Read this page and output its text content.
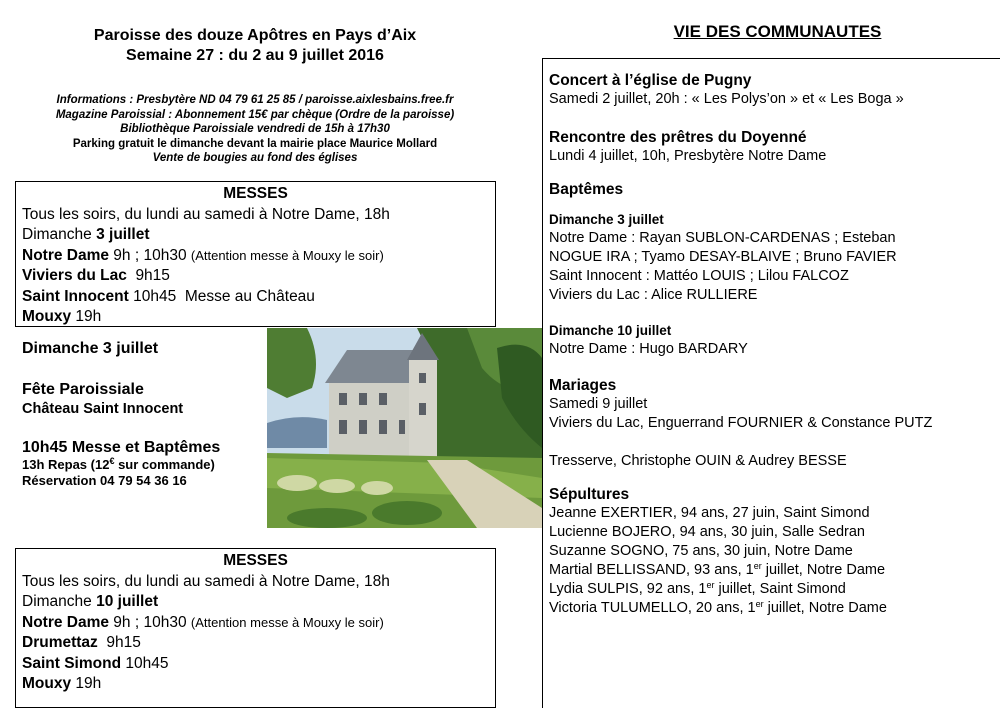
Paroisse des douze Apôtres en Pays d’Aix
Semaine 27 : du 2 au 9 juillet 2016
Informations : Presbytère ND 04 79 61 25 85 / paroisse.aixlesbains.free.fr
Magazine Paroissial : Abonnement 15€ par chèque (Ordre de la paroisse)
Bibliothèque Paroissiale vendredi de 15h à 17h30
Parking gratuit le dimanche devant la mairie place Maurice Mollard
Vente de bougies au fond des églises
MESSES
Tous les soirs, du lundi au samedi à Notre Dame, 18h
Dimanche 3 juillet
Notre Dame 9h ; 10h30 (Attention messe à Mouxy le soir)
Viviers du Lac  9h15
Saint Innocent 10h45  Messe au Château
Mouxy 19h
Dimanche 3 juillet
Fête Paroissiale
Château Saint Innocent
10h45 Messe et Baptêmes
13h Repas (12€ sur commande)
Réservation 04 79 54 36 16
MESSES
Tous les soirs, du lundi au samedi à Notre Dame, 18h
Dimanche 10 juillet
Notre Dame 9h ; 10h30 (Attention messe à Mouxy le soir)
Drumettaz  9h15
Saint Simond 10h45
Mouxy 19h
VIE DES COMMUNAUTES
Concert à l’église de Pugny
Samedi 2 juillet, 20h : « Les Polys’on » et « Les Boga »
Rencontre des prêtres du Doyenné
Lundi 4 juillet, 10h, Presbytère Notre Dame
Baptêmes
Dimanche 3 juillet
Notre Dame : Rayan SUBLON-CARDENAS ; Esteban
NOGUE IRA ; Tyamo DESAY-BLAIVE ; Bruno FAVIER
Saint Innocent : Mattéo LOUIS ; Lilou FALCOZ
Viviers du Lac : Alice RULLIERE
Dimanche 10 juillet
Notre Dame : Hugo BARDARY
Mariages
Samedi 9 juillet
Viviers du Lac, Enguerrand FOURNIER & Constance PUTZ
Tresserve, Christophe OUIN & Audrey BESSE
Sépultures
Jeanne EXERTIER, 94 ans, 27 juin, Saint Simond
Lucienne BOJERO, 94 ans, 30 juin, Salle Sedran
Suzanne SOGNO, 75 ans, 30 juin, Notre Dame
Martial BELLISSAND, 93 ans, 1er juillet, Notre Dame
Lydia SULPIS, 92 ans, 1er juillet, Saint Simond
Victoria TULUMELLO, 20 ans, 1er juillet, Notre Dame
